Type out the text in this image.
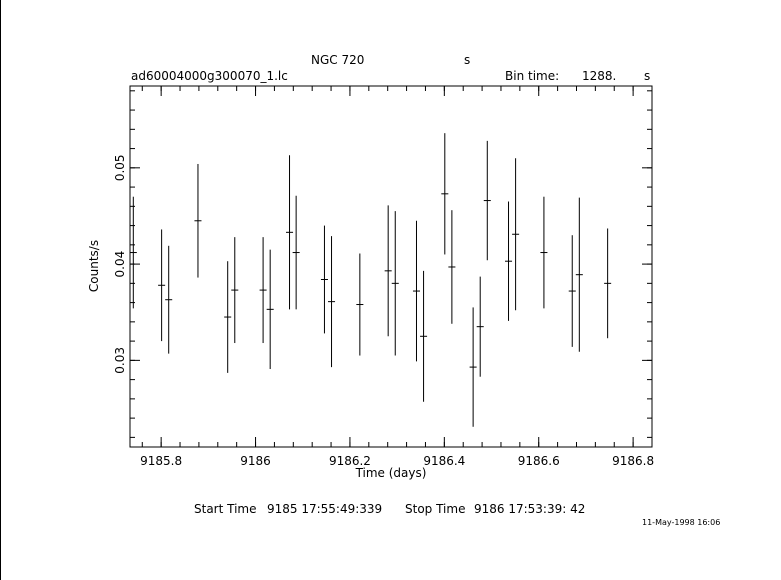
NGC 720	s
ad60004000g300070_1.lc	Bin time: 1288. s
9185.8	9186	9186.2	9186.4	9186.6	9186.8
0.03
0.04
0.05
Time (days)
Counts/s
Start Time 9185 17:55:49:339 Stop Time 9186 17:53:39: 42
11-May-1998 16:06
